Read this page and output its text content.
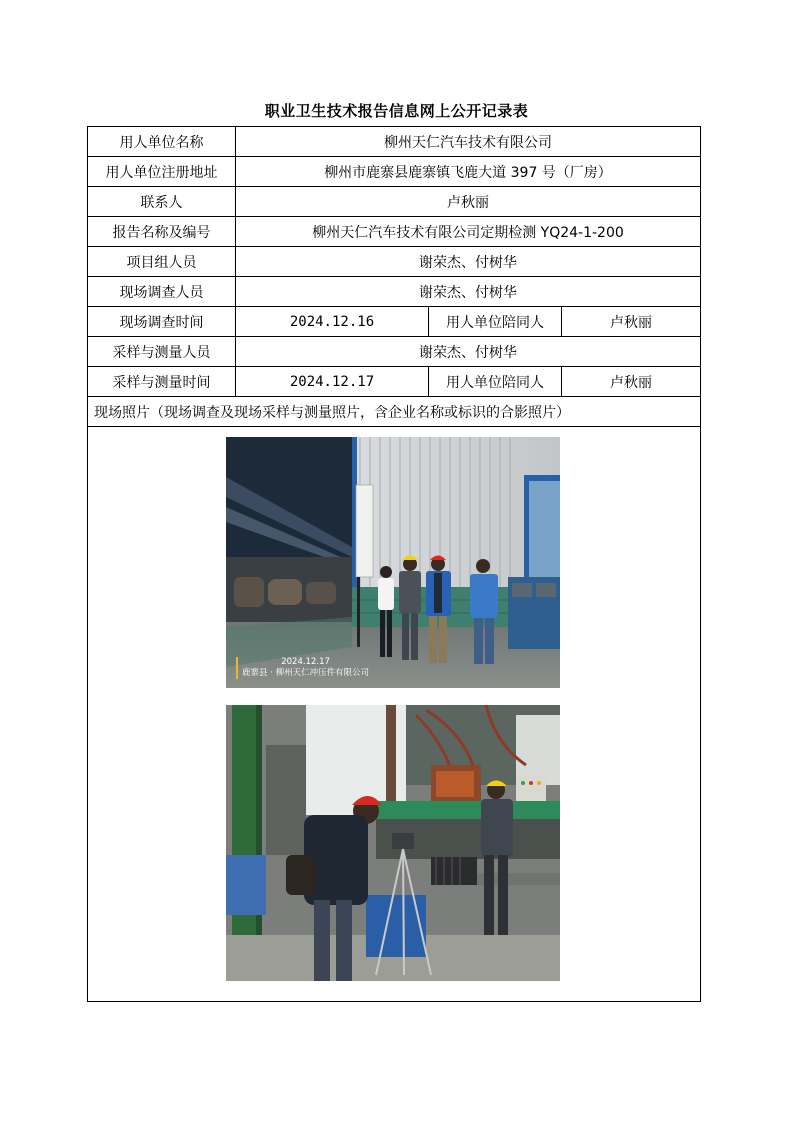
职业卫生技术报告信息网上公开记录表
用人单位名称	柳州天仁汽车技术有限公司		
用人单位注册地址	柳州市鹿寨县鹿寨镇飞鹿大道 397 号（厂房）		
联系人	卢秋丽		
报告名称及编号	柳州天仁汽车技术有限公司定期检测 YQ24-1-200		
项目组人员	谢荣杰、付树华		
现场调查人员	谢荣杰、付树华		
现场调查时间	2024.12.16	用人单位陪同人	卢秋丽
采样与测量人员	谢荣杰、付树华		
采样与测量时间	2024.12.17	用人单位陪同人	卢秋丽
现场照片（现场调查及现场采样与测量照片，含企业名称或标识的合影照片）			

2024.12.17
鹿寨县 · 柳州天仁冲压件有限公司			
